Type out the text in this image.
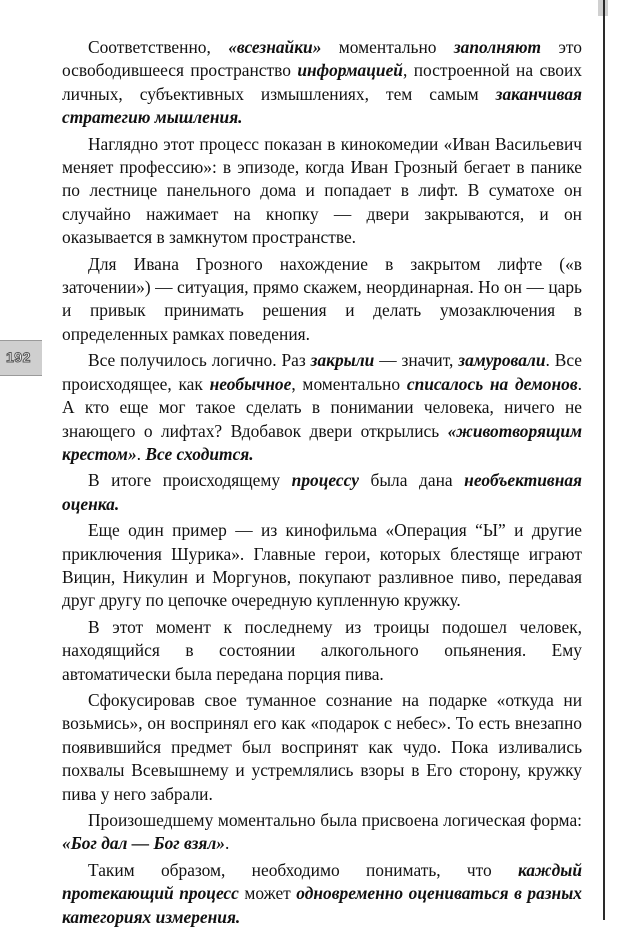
192

Соответственно, «всезнайки» моментально заполняют это освободившееся пространство информацией, построенной на своих личных, субъективных измышлениях, тем самым заканчивая стратегию мышления.

Наглядно этот процесс показан в кинокомедии «Иван Васильевич меняет профессию»: в эпизоде, когда Иван Грозный бегает в панике по лестнице панельного дома и попадает в лифт. В суматохе он случайно нажимает на кнопку — двери закрываются, и он оказывается в замкнутом пространстве.

Для Ивана Грозного нахождение в закрытом лифте («в заточении») — ситуация, прямо скажем, неординарная. Но он — царь и привык принимать решения и делать умозаключения в определенных рамках поведения.

Все получилось логично. Раз закрыли — значит, замуровали. Все происходящее, как необычное, моментально списалось на демонов. А кто еще мог такое сделать в понимании человека, ничего не знающего о лифтах? Вдобавок двери открылись «животворящим крестом». Все сходится.

В итоге происходящему процессу была дана необъективная оценка.

Еще один пример — из кинофильма «Операция “Ы” и другие приключения Шурика». Главные герои, которых блестяще играют Вицин, Никулин и Моргунов, покупают разливное пиво, передавая друг другу по цепочке очередную купленную кружку.

В этот момент к последнему из троицы подошел человек, находящийся в состоянии алкогольного опьянения. Ему автоматически была передана порция пива.

Сфокусировав свое туманное сознание на подарке «откуда ни возьмись», он воспринял его как «подарок с небес». То есть внезапно появившийся предмет был воспринят как чудо. Пока изливались похвалы Всевышнему и устремлялись взоры в Его сторону, кружку пива у него забрали.

Произошедшему моментально была присвоена логическая форма: «Бог дал — Бог взял».

Таким образом, необходимо понимать, что каждый протекающий процесс может одновременно оцениваться в разных категориях измерения.
